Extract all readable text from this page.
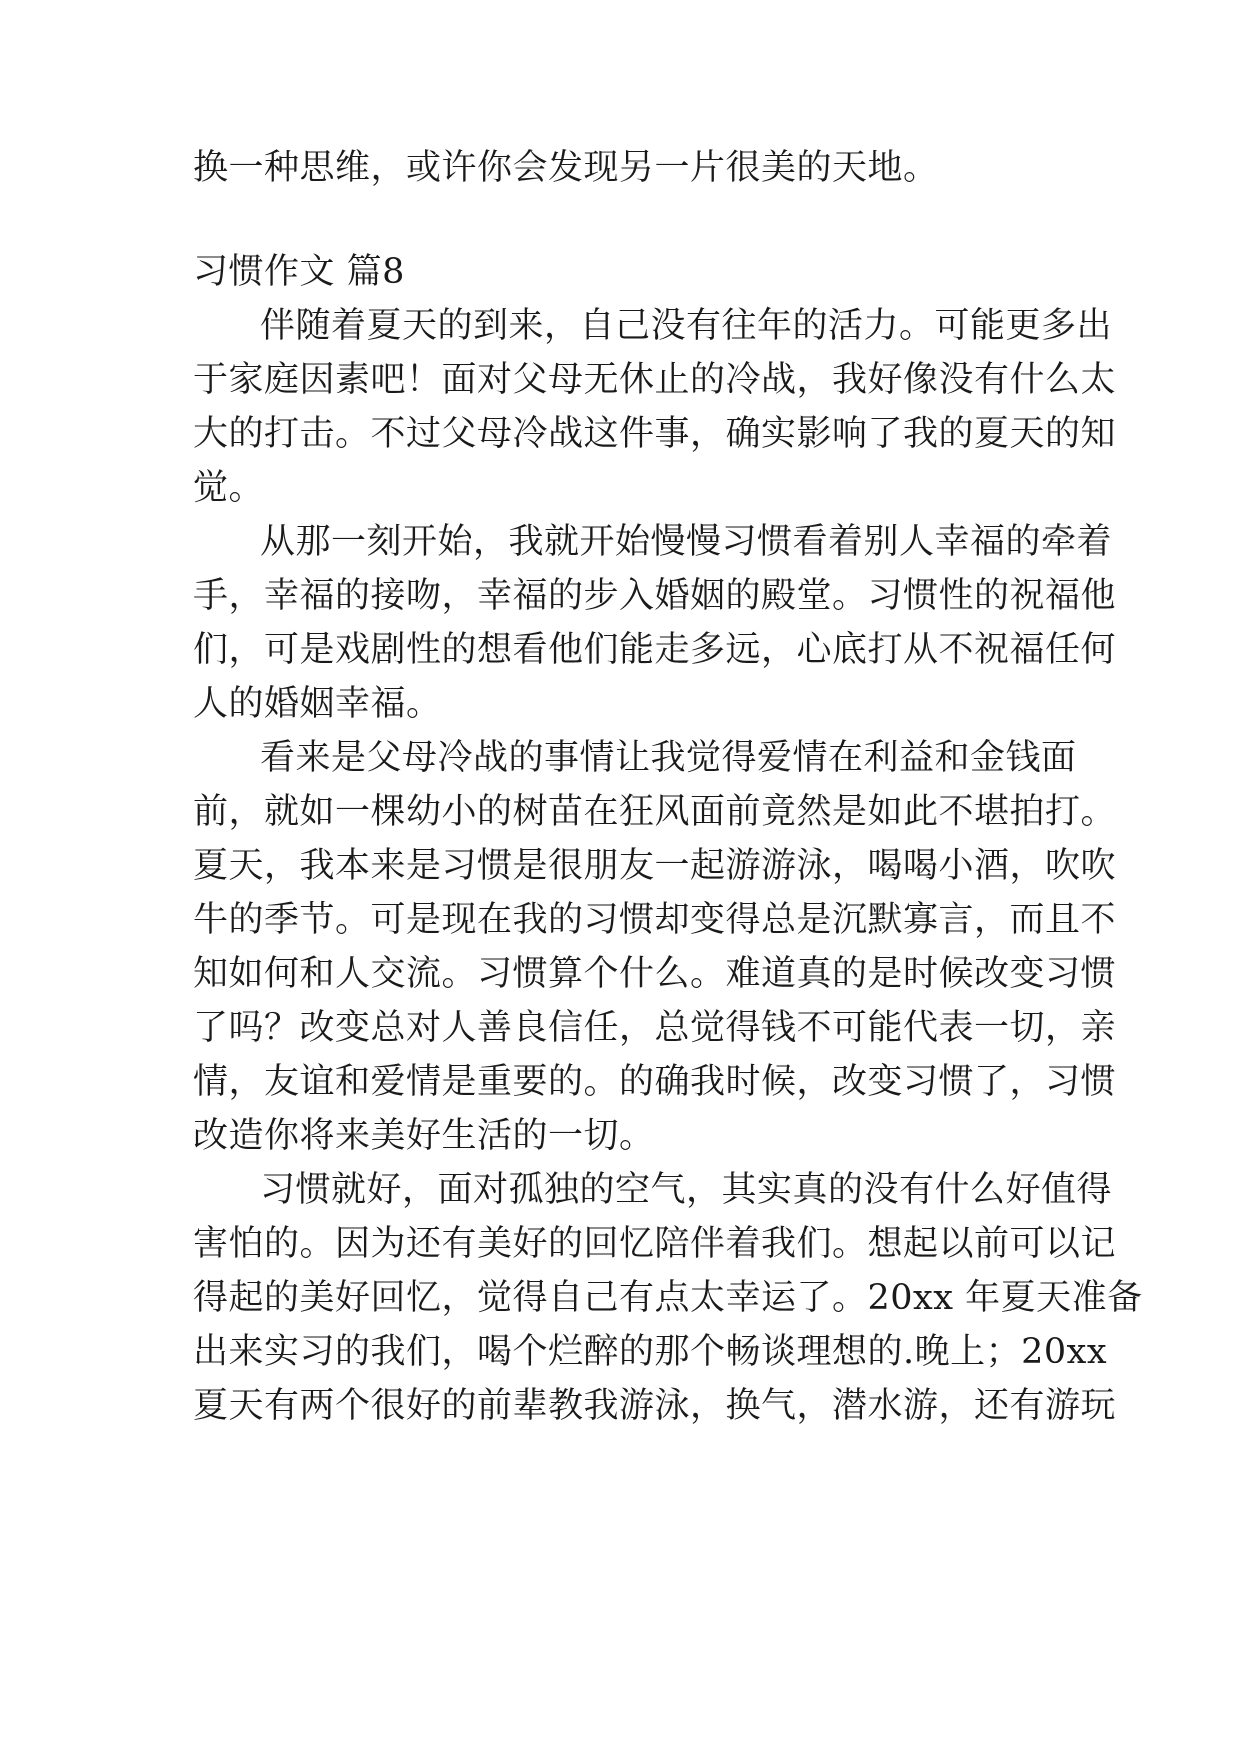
换一种思维，或许你会发现另一片很美的天地。
习惯作文 篇8
伴随着夏天的到来，自己没有往年的活力。可能更多出
于家庭因素吧！面对父母无休止的冷战，我好像没有什么太
大的打击。不过父母冷战这件事，确实影响了我的夏天的知
觉。
从那一刻开始，我就开始慢慢习惯看着别人幸福的牵着
手，幸福的接吻，幸福的步入婚姻的殿堂。习惯性的祝福他
们，可是戏剧性的想看他们能走多远，心底打从不祝福任何
人的婚姻幸福。
看来是父母冷战的事情让我觉得爱情在利益和金钱面
前，就如一棵幼小的树苗在狂风面前竟然是如此不堪拍打。
夏天，我本来是习惯是很朋友一起游游泳，喝喝小酒，吹吹
牛的季节。可是现在我的习惯却变得总是沉默寡言，而且不
知如何和人交流。习惯算个什么。难道真的是时候改变习惯
了吗？改变总对人善良信任，总觉得钱不可能代表一切，亲
情，友谊和爱情是重要的。的确我时候，改变习惯了，习惯
改造你将来美好生活的一切。
习惯就好，面对孤独的空气，其实真的没有什么好值得
害怕的。因为还有美好的回忆陪伴着我们。想起以前可以记
得起的美好回忆，觉得自己有点太幸运了。20xx 年夏天准备
出来实习的我们，喝个烂醉的那个畅谈理想的.晚上；20xx
夏天有两个很好的前辈教我游泳，换气，潜水游，还有游玩
